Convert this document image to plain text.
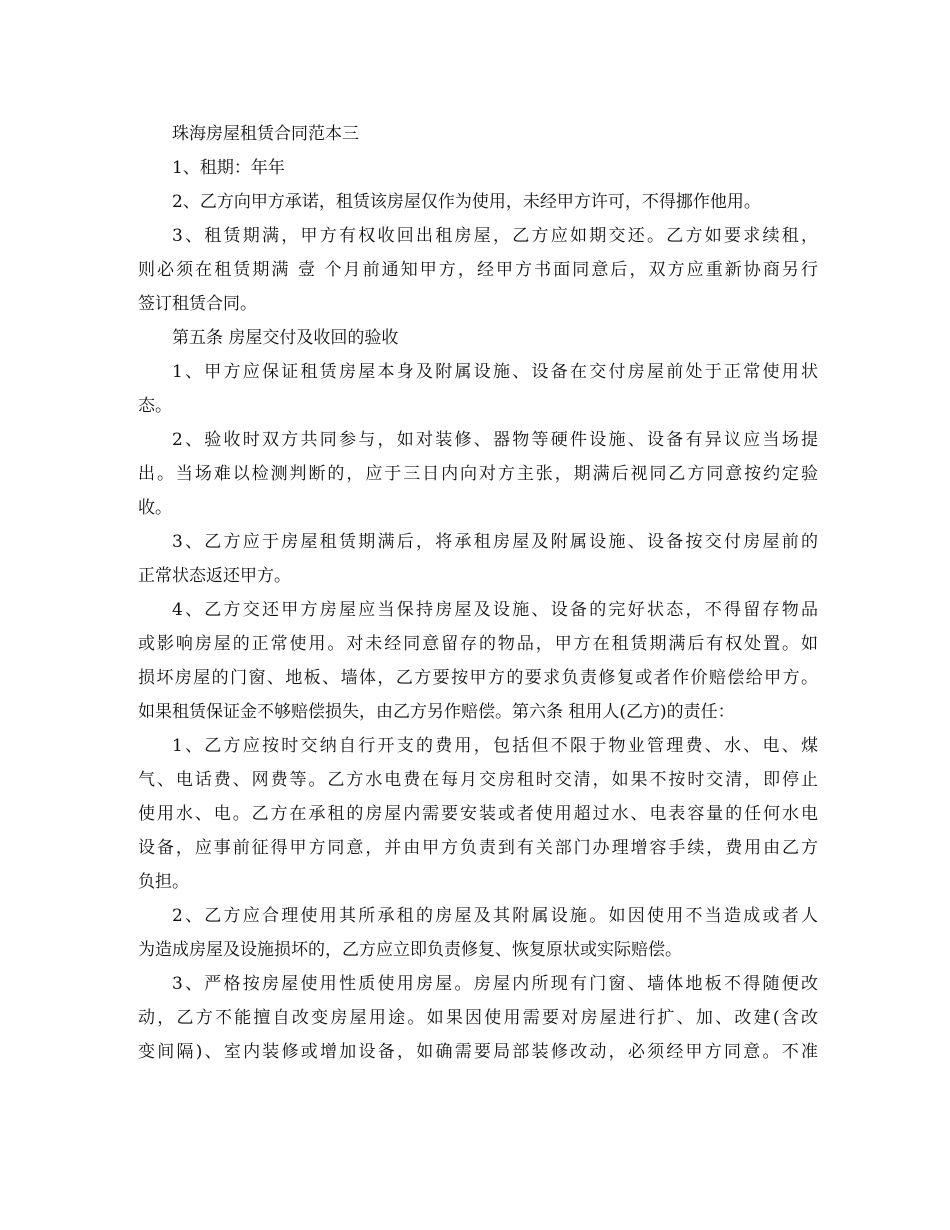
珠海房屋租赁合同范本三
1、租期：年年
2、乙方向甲方承诺，租赁该房屋仅作为使用，未经甲方许可，不得挪作他用。
3、租赁期满，甲方有权收回出租房屋，乙方应如期交还。乙方如要求续租，
则必须在租赁期满 壹 个月前通知甲方，经甲方书面同意后，双方应重新协商另行
签订租赁合同。
第五条 房屋交付及收回的验收
1、甲方应保证租赁房屋本身及附属设施、设备在交付房屋前处于正常使用状
态。
2、验收时双方共同参与，如对装修、器物等硬件设施、设备有异议应当场提
出。当场难以检测判断的，应于三日内向对方主张，期满后视同乙方同意按约定验
收。
3、乙方应于房屋租赁期满后，将承租房屋及附属设施、设备按交付房屋前的
正常状态返还甲方。
4、乙方交还甲方房屋应当保持房屋及设施、设备的完好状态，不得留存物品
或影响房屋的正常使用。对未经同意留存的物品，甲方在租赁期满后有权处置。如
损坏房屋的门窗、地板、墙体，乙方要按甲方的要求负责修复或者作价赔偿给甲方。
如果租赁保证金不够赔偿损失，由乙方另作赔偿。第六条 租用人(乙方)的责任：
1、乙方应按时交纳自行开支的费用，包括但不限于物业管理费、水、电、煤
气、电话费、网费等。乙方水电费在每月交房租时交清，如果不按时交清，即停止
使用水、电。乙方在承租的房屋内需要安装或者使用超过水、电表容量的任何水电
设备，应事前征得甲方同意，并由甲方负责到有关部门办理增容手续，费用由乙方
负担。
2、乙方应合理使用其所承租的房屋及其附属设施。如因使用不当造成或者人
为造成房屋及设施损坏的，乙方应立即负责修复、恢复原状或实际赔偿。
3、严格按房屋使用性质使用房屋。房屋内所现有门窗、墙体地板不得随便改
动，乙方不能擅自改变房屋用途。如果因使用需要对房屋进行扩、加、改建(含改
变间隔)、室内装修或增加设备，如确需要局部装修改动，必须经甲方同意。不准
